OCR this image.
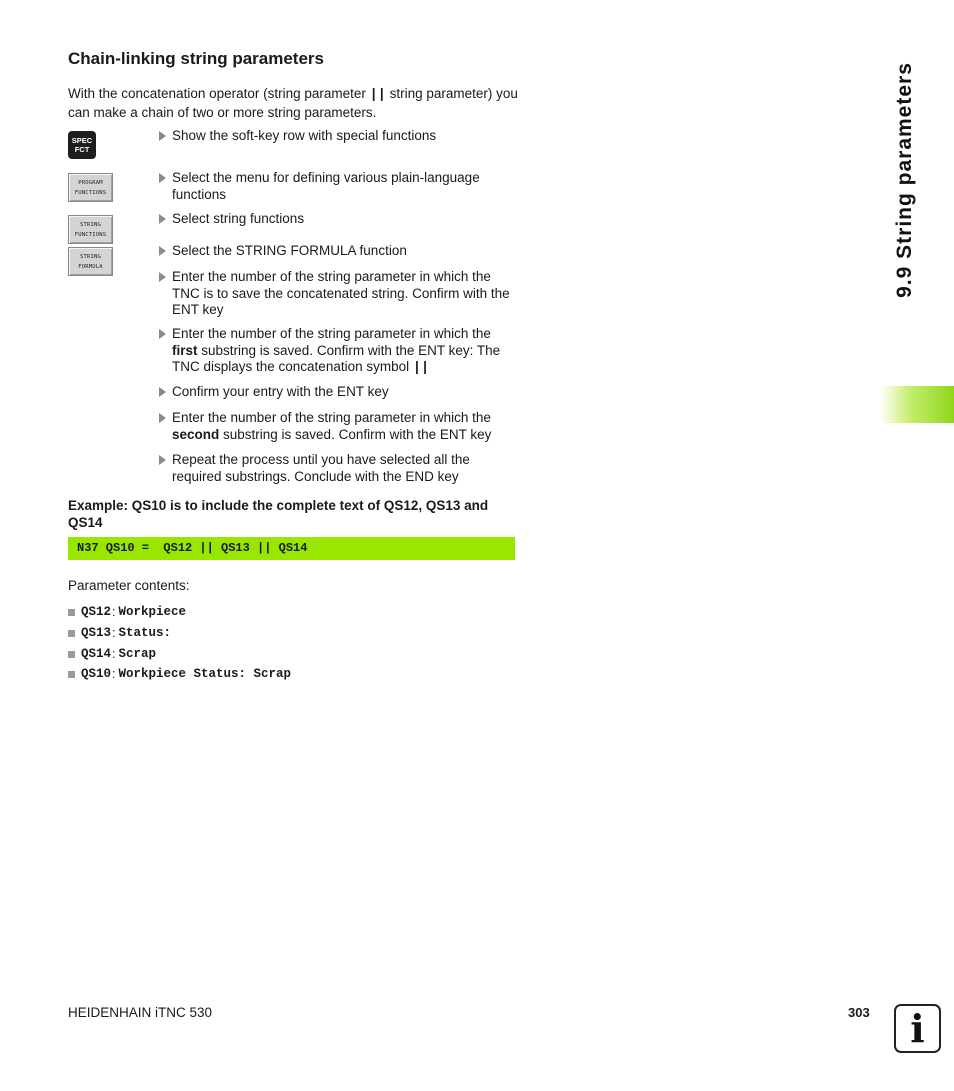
Chain-linking string parameters
With the concatenation operator (string parameter || string parameter) you can make a chain of two or more string parameters.
SPEC
FCT
PROGRAM
FUNCTIONS
STRING
FUNCTIONS
STRING
FORMULA
Show the soft-key row with special functions
Select the menu for defining various plain-language functions
Select string functions
Select the STRING FORMULA function
Enter the number of the string parameter in which the TNC is to save the concatenated string. Confirm with the ENT key
Enter the number of the string parameter in which the first substring is saved. Confirm with the ENT key: The TNC displays the concatenation symbol ||
Confirm your entry with the ENT key
Enter the number of the string parameter in which the second substring is saved. Confirm with the ENT key
Repeat the process until you have selected all the required substrings. Conclude with the END key
Example: QS10 is to include the complete text of QS12, QS13 and QS14
N37 QS10 =  QS12 || QS13 || QS14
Parameter contents:
QS12 : Workpiece
QS13 : Status:
QS14 : Scrap
QS10 : Workpiece Status: Scrap
9.9 String parameters
HEIDENHAIN iTNC 530	303	i
